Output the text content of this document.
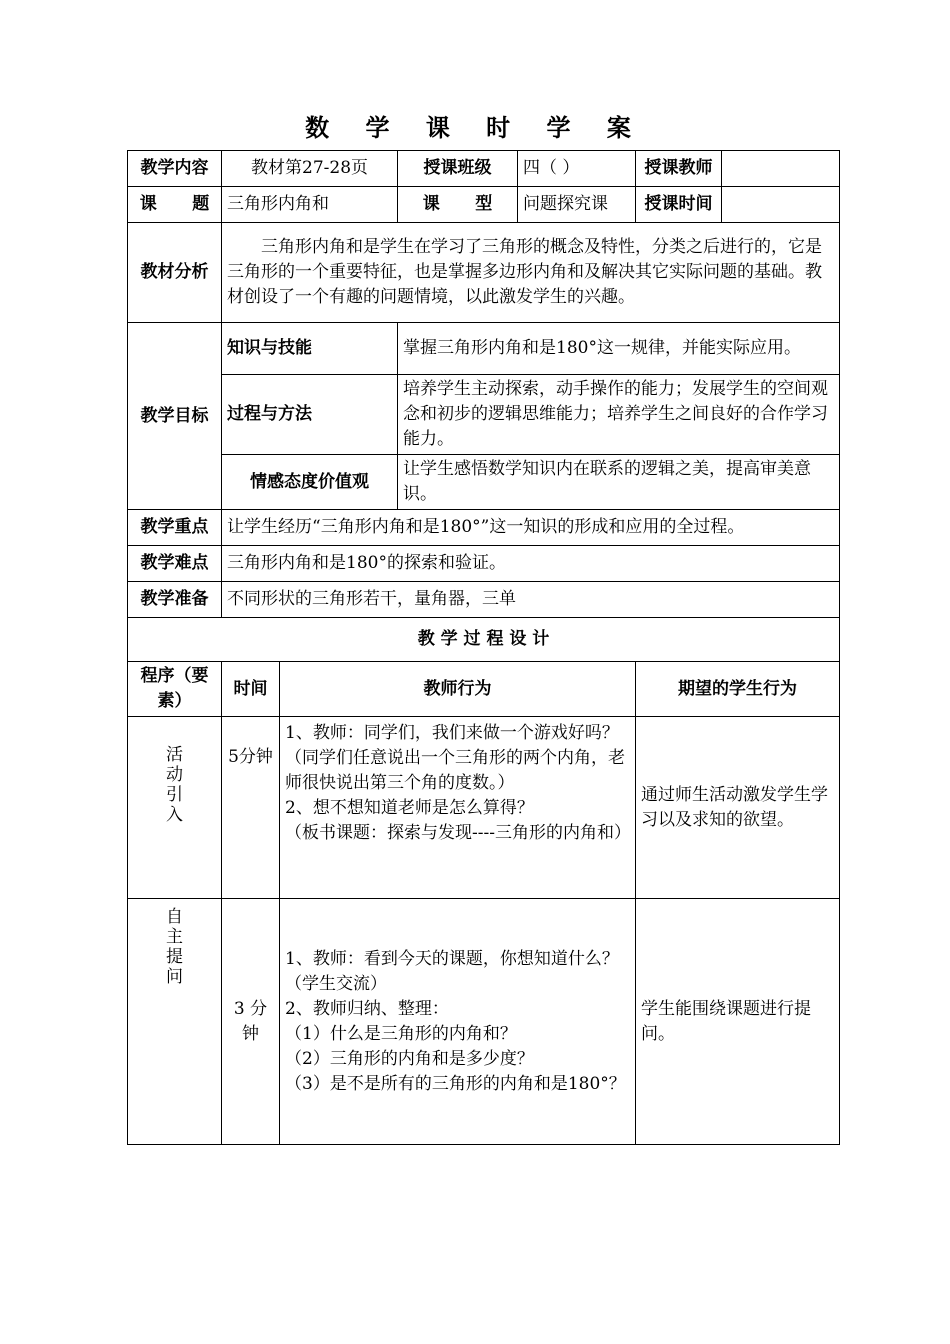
数 学 课 时 学 案
教学内容	教材第27-28页		授课班级	四（ ）	授课教师	
课      题	三角形内角和		课      型	问题探究课	授课时间	
教材分析	三角形内角和是学生在学习了三角形的概念及特性，分类之后进行的，它是三角形的一个重要特征，也是掌握多边形内角和及解决其它实际问题的基础。教材创设了一个有趣的问题情境，以此激发学生的兴趣。					
教学目标	知识与技能		掌握三角形内角和是180°这一规律，并能实际应用。			
	过程与方法		培养学生主动探索，动手操作的能力；发展学生的空间观念和初步的逻辑思维能力；培养学生之间良好的合作学习能力。			
	情感态度价值观		让学生感悟数学知识内在联系的逻辑之美，提高审美意识。			
教学重点	让学生经历“三角形内角和是180°”这一知识的形成和应用的全过程。					
教学难点	三角形内角和是180°的探索和验证。					
教学准备	不同形状的三角形若干，量角器，三单					
教 学 过 程 设 计						
程序（要素）	时间	教师行为			期望的学生行为	
活动引入	5分钟	1、教师：同学们，我们来做一个游戏好吗？（同学们任意说出一个三角形的两个内角，老师很快说出第三个角的度数。）
2、想不想知道老师是怎么算得？
（板书课题：探索与发现----三角形的内角和）			通过师生活动激发学生学习以及求知的欲望。	
自主提问	3 分钟	1、教师：看到今天的课题，你想知道什么？（学生交流）
2、教师归纳、整理：
（1）什么是三角形的内角和？
（2）三角形的内角和是多少度？
（3）是不是所有的三角形的内角和是180°？			学生能围绕课题进行提问。	
